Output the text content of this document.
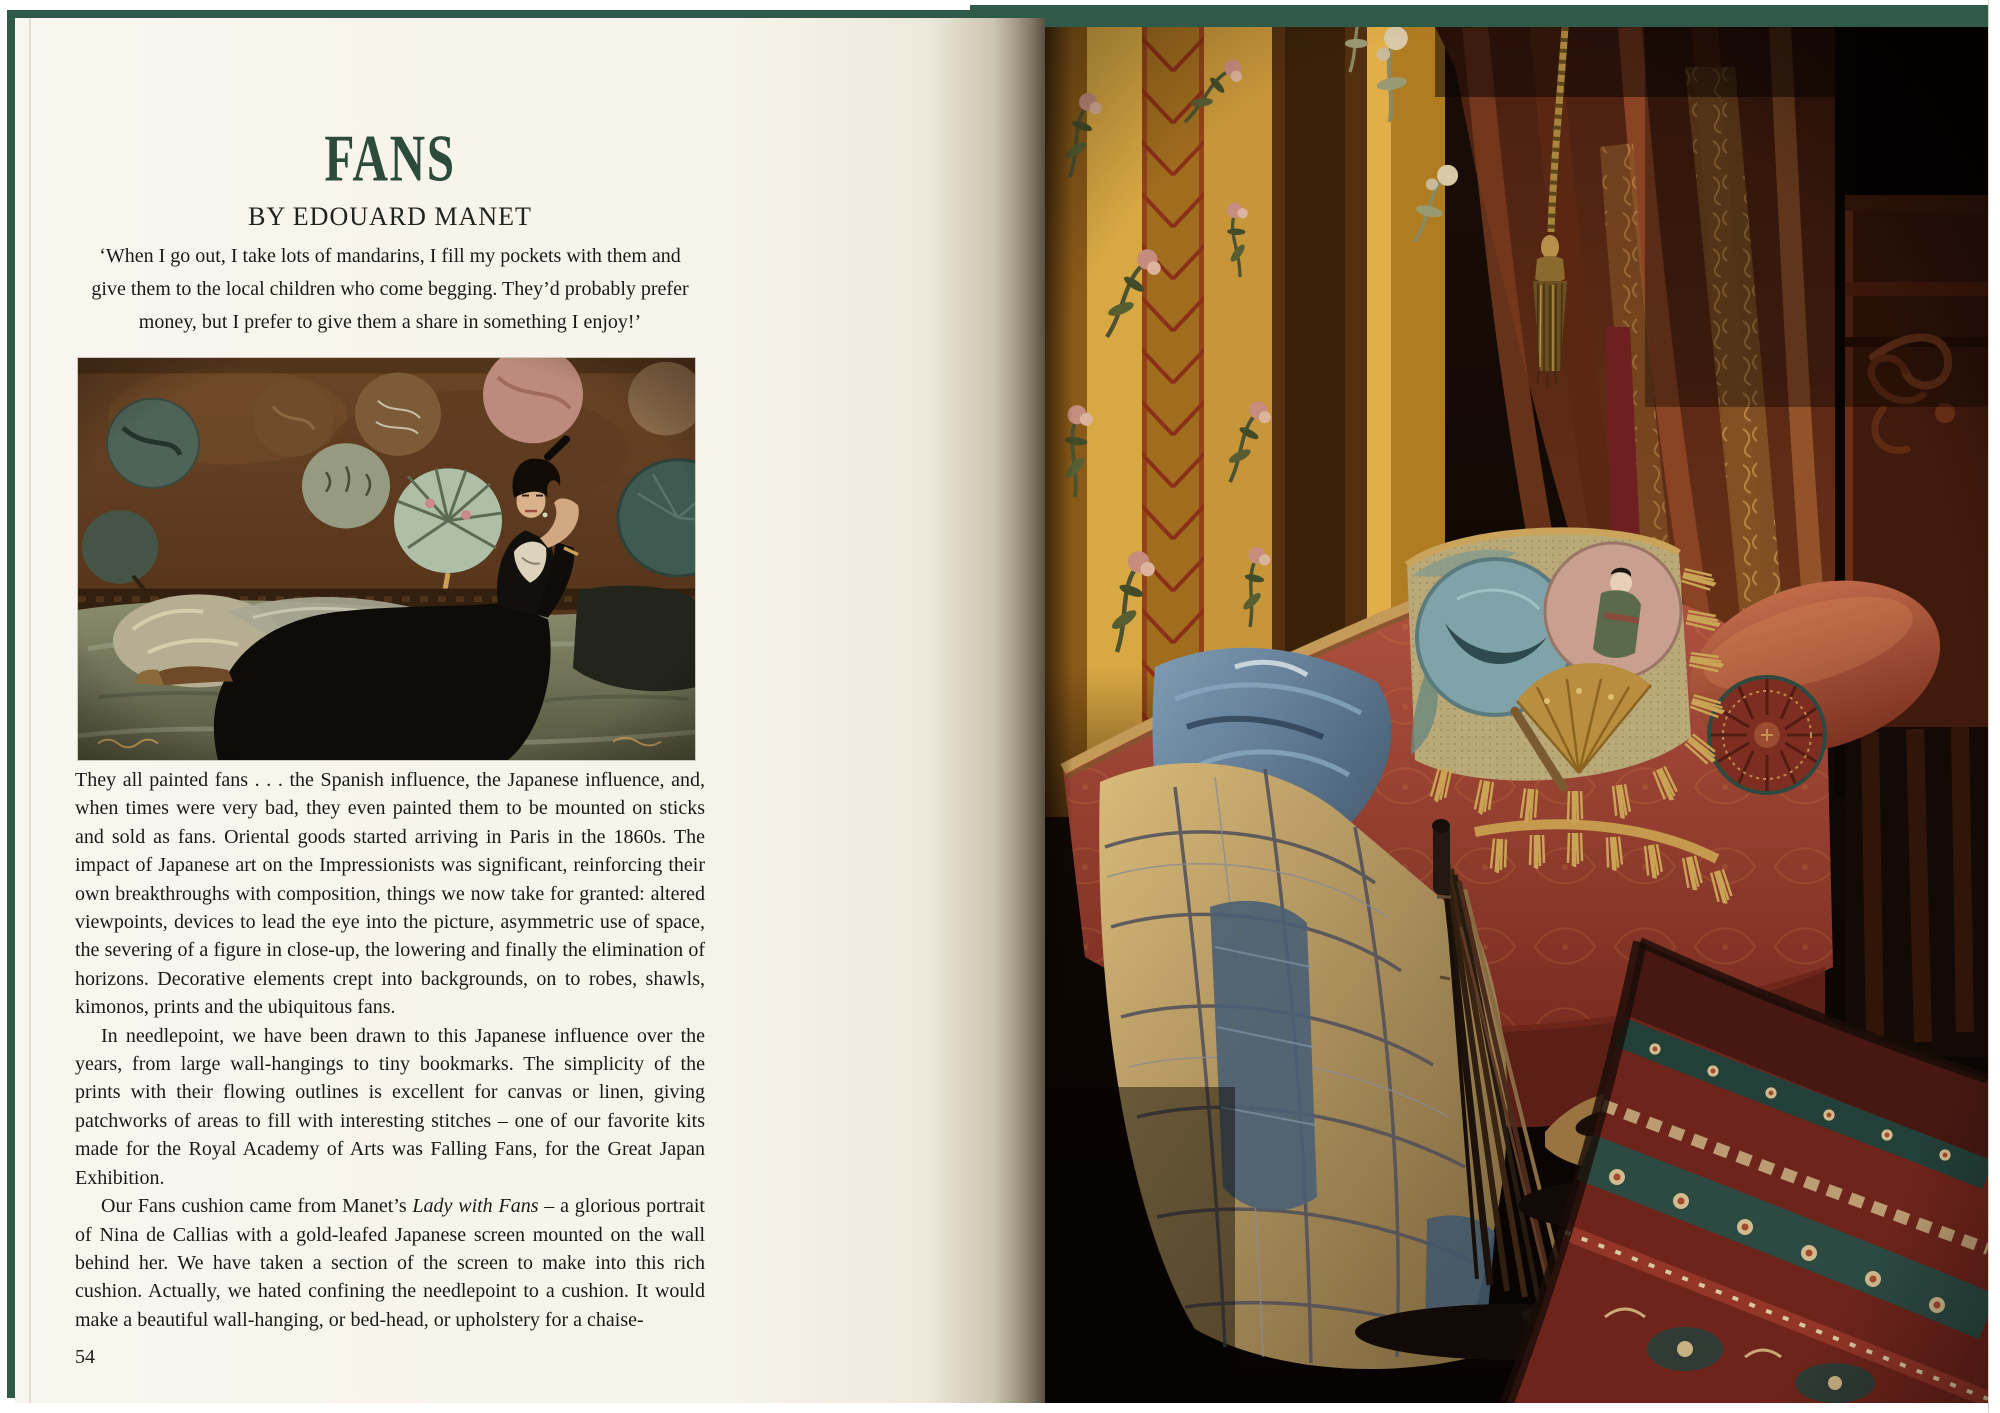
FANS
BY EDOUARD MANET
‘When I go out, I take lots of mandarins, I fill my pockets with them and
give them to the local children who come begging. They’d probably prefer
money, but I prefer to give them a share in something I enjoy!’

They all painted fans . . . the Spanish influence, the Japanese influence, and, when times were very bad, they even painted them to be mounted on sticks and sold as fans. Oriental goods started arriving in Paris in the 1860s. The impact of Japanese art on the Impressionists was significant, reinforcing their own breakthroughs with composition, things we now take for granted: altered viewpoints, devices to lead the eye into the picture, asymmetric use of space, the severing of a figure in close-up, the lowering and finally the elimination of horizons. Decorative elements crept into backgrounds, on to robes, shawls, kimonos, prints and the ubiquitous fans.

In needlepoint, we have been drawn to this Japanese influence over the years, from large wall-hangings to tiny bookmarks. The simplicity of the prints with their flowing outlines is excellent for canvas or linen, giving patchworks of areas to fill with interesting stitches – one of our favorite kits made for the Royal Academy of Arts was Falling Fans, for the Great Japan Exhibition.

Our Fans cushion came from Manet’s Lady with Fans – a glorious portrait of Nina de Callias with a gold-leafed Japanese screen mounted on the wall behind her. We have taken a section of the screen to make into this rich cushion. Actually, we hated confining the needlepoint to a cushion. It would make a beautiful wall-hanging, or bed-head, or upholstery for a chaise-

54
